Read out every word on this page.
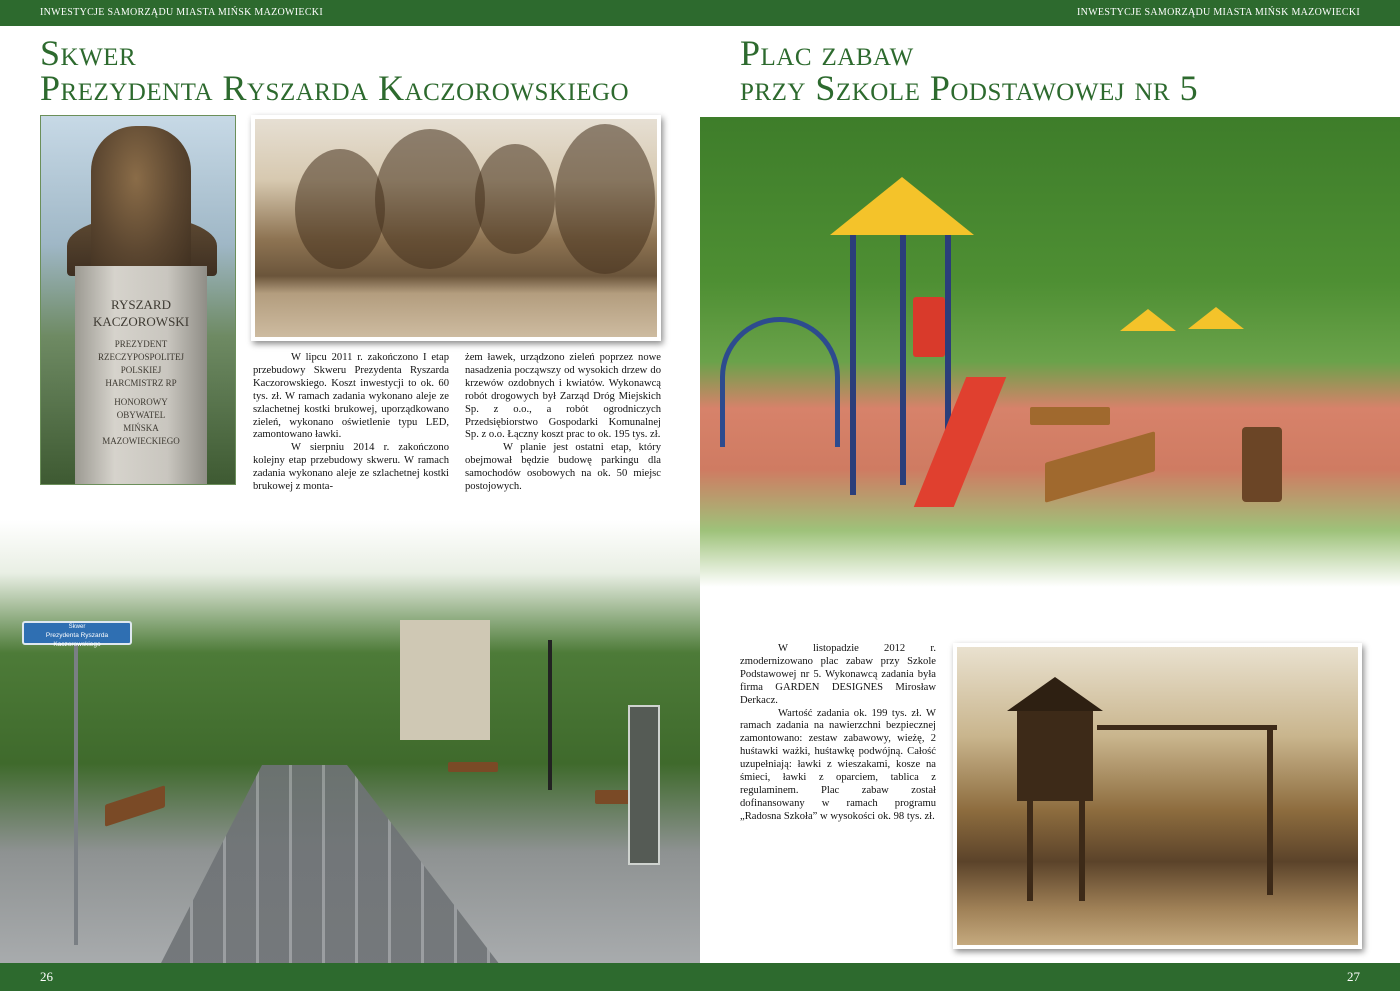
INWESTYCJE SAMORZĄDU MIASTA MIŃSK MAZOWIECKI
Skwer
Prezydenta Ryszarda Kaczorowskiego
RYSZARD
KACZOROWSKI
PREZYDENT
RZECZYPOSPOLITEJ
POLSKIEJ
HARCMISTRZ RP
HONOROWY
OBYWATEL
MIŃSKA
MAZOWIECKIEGO

W lipcu 2011 r. zakończono I etap przebudowy Skweru Prezydenta Ryszarda Kaczorowskiego. Koszt inwestycji to ok. 60 tys. zł. W ramach zadania wykonano aleje ze szlachetnej kostki brukowej, uporządkowano zieleń, wykonano oświetlenie typu LED, zamontowano ławki.

W sierpniu 2014 r. zakończono kolejny etap przebudowy skweru. W ramach zadania wykonano aleje ze szlachetnej kostki brukowej z monta-

żem ławek, urządzono zieleń poprzez nowe nasadzenia począwszy od wysokich drzew do krzewów ozdobnych i kwiatów. Wykonawcą robót drogowych był Zarząd Dróg Miejskich Sp. z o.o., a robót ogrodniczych Przedsiębiorstwo Gospodarki Komunalnej Sp. z o.o. Łączny koszt prac to ok. 195 tys. zł.

W planie jest ostatni etap, który obejmował będzie budowę parkingu dla samochodów osobowych na ok. 50 miejsc postojowych.

Skwer
Prezydenta Ryszarda Kaczorowskiego
26
INWESTYCJE SAMORZĄDU MIASTA MIŃSK MAZOWIECKI
Plac zabaw
przy Szkole Podstawowej nr 5

W listopadzie 2012 r. zmodernizowano plac zabaw przy Szkole Podstawowej nr 5. Wykonawcą zadania była firma GARDEN DESIGNES Mirosław Derkacz.

Wartość zadania ok. 199 tys. zł. W ramach zadania na nawierzchni bezpiecznej zamontowano: zestaw zabawowy, wieżę, 2 huśtawki ważki, huśtawkę podwójną. Całość uzupełniają: ławki z wieszakami, kosze na śmieci, ławki z oparciem, tablica z regulaminem. Plac zabaw został dofinansowany w ramach programu „Radosna Szkoła” w wysokości ok. 98 tys. zł.

27
